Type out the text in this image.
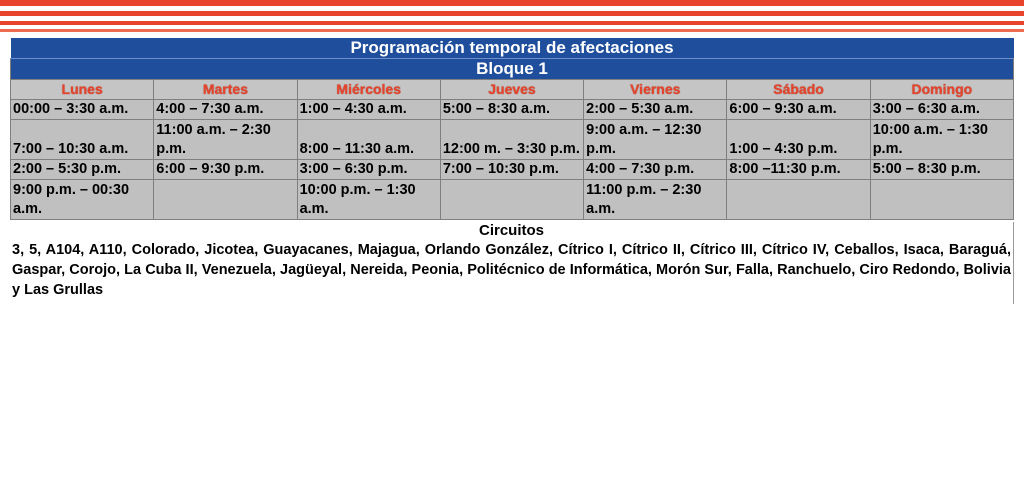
Programación temporal de afectaciones						
Bloque 1						
Lunes	Martes	Miércoles	Jueves	Viernes	Sábado	Domingo
00:00 – 3:30 a.m.	4:00 – 7:30 a.m.	1:00 – 4:30 a.m.	5:00 – 8:30 a.m.	2:00 – 5:30 a.m.	6:00 – 9:30 a.m.	3:00 – 6:30 a.m.
7:00 – 10:30 a.m.	11:00 a.m. – 2:30 p.m.	8:00 – 11:30 a.m.	12:00 m. – 3:30 p.m.	9:00 a.m. – 12:30 p.m.	1:00 – 4:30 p.m.	10:00 a.m. – 1:30 p.m.
2:00 – 5:30 p.m.	6:00 – 9:30 p.m.	3:00 – 6:30 p.m.	7:00 – 10:30 p.m.	4:00 – 7:30 p.m.	8:00 –11:30 p.m.	5:00 – 8:30 p.m.
9:00 p.m. – 00:30 a.m.		10:00 p.m. – 1:30 a.m.		11:00 p.m. – 2:30 a.m.		
Circuitos
3, 5, A104, A110, Colorado, Jicotea, Guayacanes, Majagua, Orlando González, Cítrico I, Cítrico II, Cítrico III, Cítrico IV, Ceballos, Isaca, Baraguá, Gaspar, Corojo, La Cuba II, Venezuela, Jagüeyal, Nereida, Peonia, Politécnico de Informática, Morón Sur, Falla, Ranchuelo, Ciro Redondo, Bolivia y Las Grullas
